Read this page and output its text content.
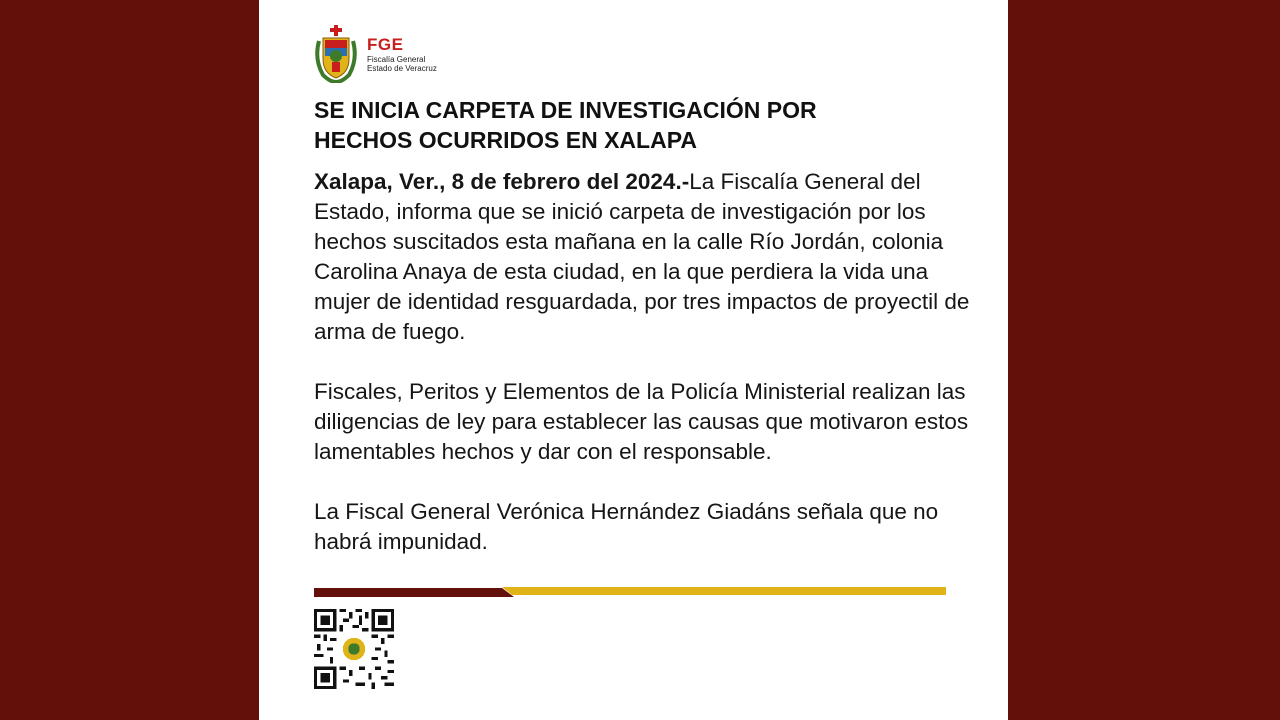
FGE
Fiscalía General
Estado de Veracruz
SE INICIA CARPETA DE INVESTIGACIÓN POR
HECHOS OCURRIDOS EN XALAPA

Xalapa, Ver., 8 de febrero del 2024.-La Fiscalía General del Estado, informa que se inició carpeta de investigación por los hechos suscitados esta mañana en la calle Río Jordán, colonia Carolina Anaya de esta ciudad, en la que perdiera la vida una mujer de identidad resguardada, por tres impactos de proyectil de arma de fuego.

Fiscales, Peritos y Elementos de la Policía Ministerial realizan las diligencias de ley para establecer las causas que motivaron estos lamentables hechos y dar con el responsable.

La Fiscal General Verónica Hernández Giadáns señala que no habrá impunidad.
